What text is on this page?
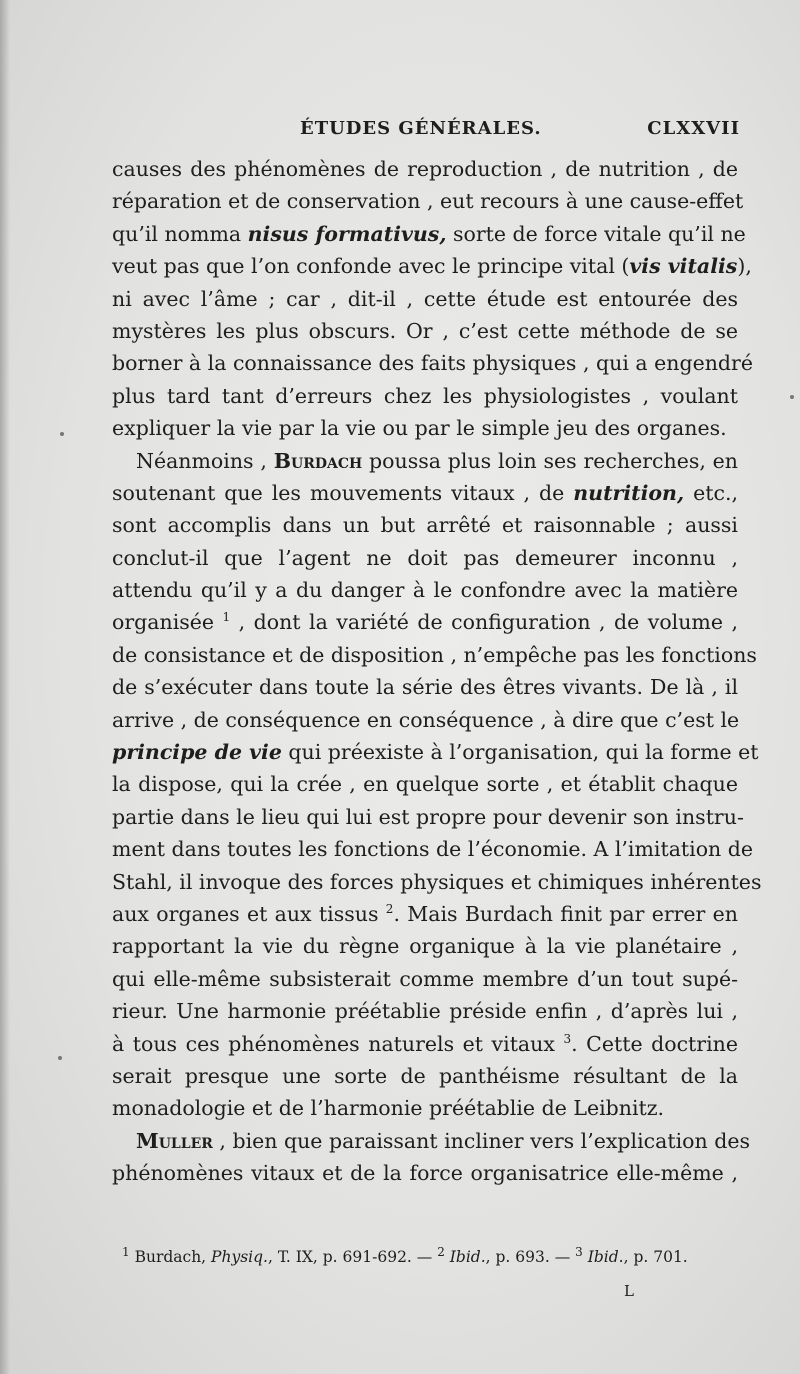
ÉTUDES GÉNÉRALES.	CLXXVII
causes des phénomènes de reproduction , de nutrition , de
réparation et de conservation , eut recours à une cause-effet
qu’il nomma nisus formativus, sorte de force vitale qu’il ne
veut pas que l’on confonde avec le principe vital (vis vitalis),
ni avec l’âme ; car , dit-il , cette étude est entourée des
mystères les plus obscurs. Or , c’est cette méthode de se
borner à la connaissance des faits physiques , qui a engendré
plus tard tant d’erreurs chez les physiologistes , voulant
expliquer la vie par la vie ou par le simple jeu des organes.
Néanmoins , Burdach poussa plus loin ses recherches, en
soutenant que les mouvements vitaux , de nutrition, etc.,
sont accomplis dans un but arrêté et raisonnable ; aussi
conclut-il que l’agent ne doit pas demeurer inconnu ,
attendu qu’il y a du danger à le confondre avec la matière
organisée $^1$ , dont la variété de configuration , de volume ,
de consistance et de disposition , n’empêche pas les fonctions
de s’exécuter dans toute la série des êtres vivants. De là , il
arrive , de conséquence en conséquence , à dire que c’est le
principe de vie qui préexiste à l’organisation, qui la forme et
la dispose, qui la crée , en quelque sorte , et établit chaque
partie dans le lieu qui lui est propre pour devenir son instru-
ment dans toutes les fonctions de l’économie. A l’imitation de
Stahl, il invoque des forces physiques et chimiques inhérentes
aux organes et aux tissus $^2$. Mais Burdach finit par errer en
rapportant la vie du règne organique à la vie planétaire ,
qui elle-même subsisterait comme membre d’un tout supé-
rieur. Une harmonie préétablie préside enfin , d’après lui ,
à tous ces phénomènes naturels et vitaux $^3$. Cette doctrine
serait presque une sorte de panthéisme résultant de la
monadologie et de l’harmonie préétablie de Leibnitz.
Muller , bien que paraissant incliner vers l’explication des
phénomènes vitaux et de la force organisatrice elle-même ,
$^1$ Burdach, Physiq., T. IX, p. 691-692. — $^2$ Ibid., p. 693. — $^3$ Ibid., p. 701.
L
